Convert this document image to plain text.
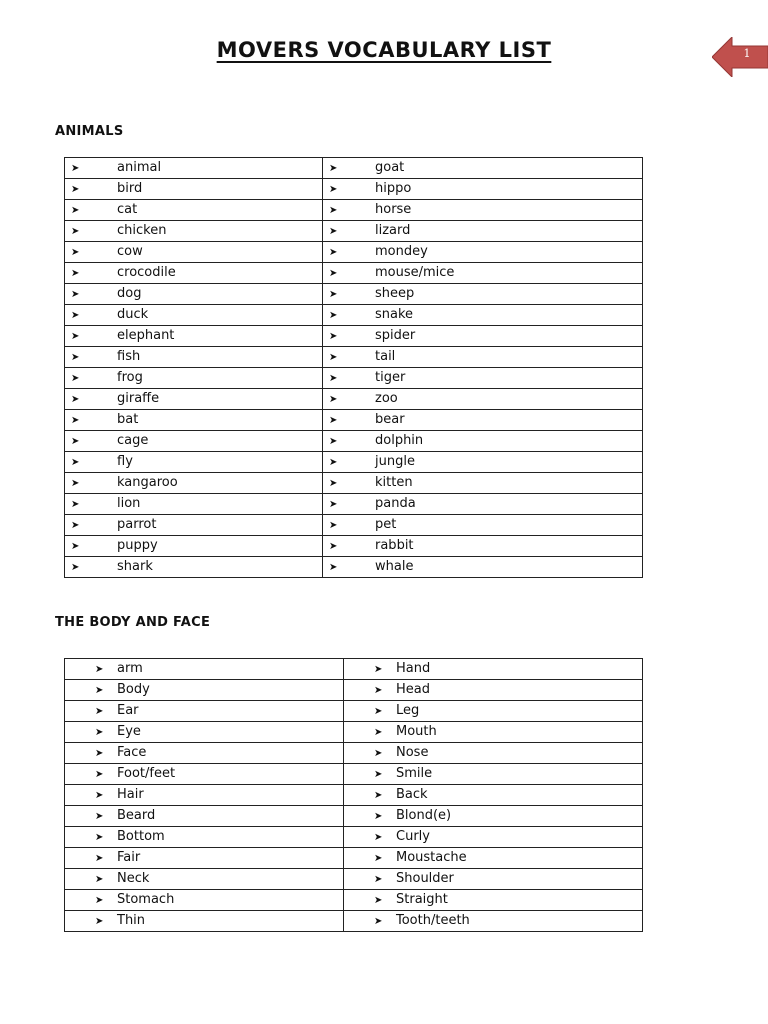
MOVERS VOCABULARY LIST	1
ANIMALS
➤ animal	➤ goat
➤ bird	➤ hippo
➤ cat	➤ horse
➤ chicken	➤ lizard
➤ cow	➤ mondey
➤ crocodile	➤ mouse/mice
➤ dog	➤ sheep
➤ duck	➤ snake
➤ elephant	➤ spider
➤ fish	➤ tail
➤ frog	➤ tiger
➤ giraffe	➤ zoo
➤ bat	➤ bear
➤ cage	➤ dolphin
➤ fly	➤ jungle
➤ kangaroo	➤ kitten
➤ lion	➤ panda
➤ parrot	➤ pet
➤ puppy	➤ rabbit
➤ shark	➤ whale
THE BODY AND FACE
➤ arm	➤ Hand
➤ Body	➤ Head
➤ Ear	➤ Leg
➤ Eye	➤ Mouth
➤ Face	➤ Nose
➤ Foot/feet	➤ Smile
➤ Hair	➤ Back
➤ Beard	➤ Blond(e)
➤ Bottom	➤ Curly
➤ Fair	➤ Moustache
➤ Neck	➤ Shoulder
➤ Stomach	➤ Straight
➤ Thin	➤ Tooth/teeth
